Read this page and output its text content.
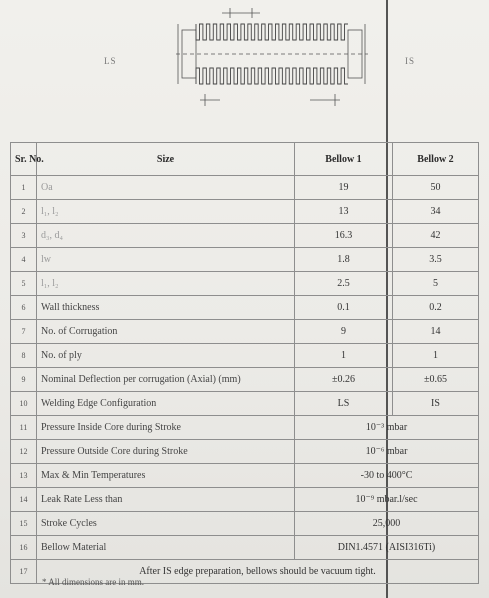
LS	IS
Sr. No.	Size	Bellow 1	Bellow 2
1	Oa	19	50
2	l₁, l₂	13	34
3	d₃, d₄	16.3	42
4	lw	1.8	3.5
5	l₁, l₂	2.5	5
6	Wall thickness	0.1	0.2
7	No. of Corrugation	9	14
8	No. of ply	1	1
9	Nominal Deflection per corrugation (Axial) (mm)	±0.26	±0.65
10	Welding Edge Configuration	LS	IS
11	Pressure Inside Core during Stroke	10⁻³ mbar	
12	Pressure Outside Core during Stroke	10⁻⁶ mbar	
13	Max & Min Temperatures	-30 to 400°C	
14	Leak Rate Less than	10⁻⁹ mbar.l/sec	
15	Stroke Cycles	25,000	
16	Bellow Material	DIN1.4571 (AISI316Ti)	
17	After IS edge preparation, bellows should be vacuum tight.		
* All dimensions are in mm.
